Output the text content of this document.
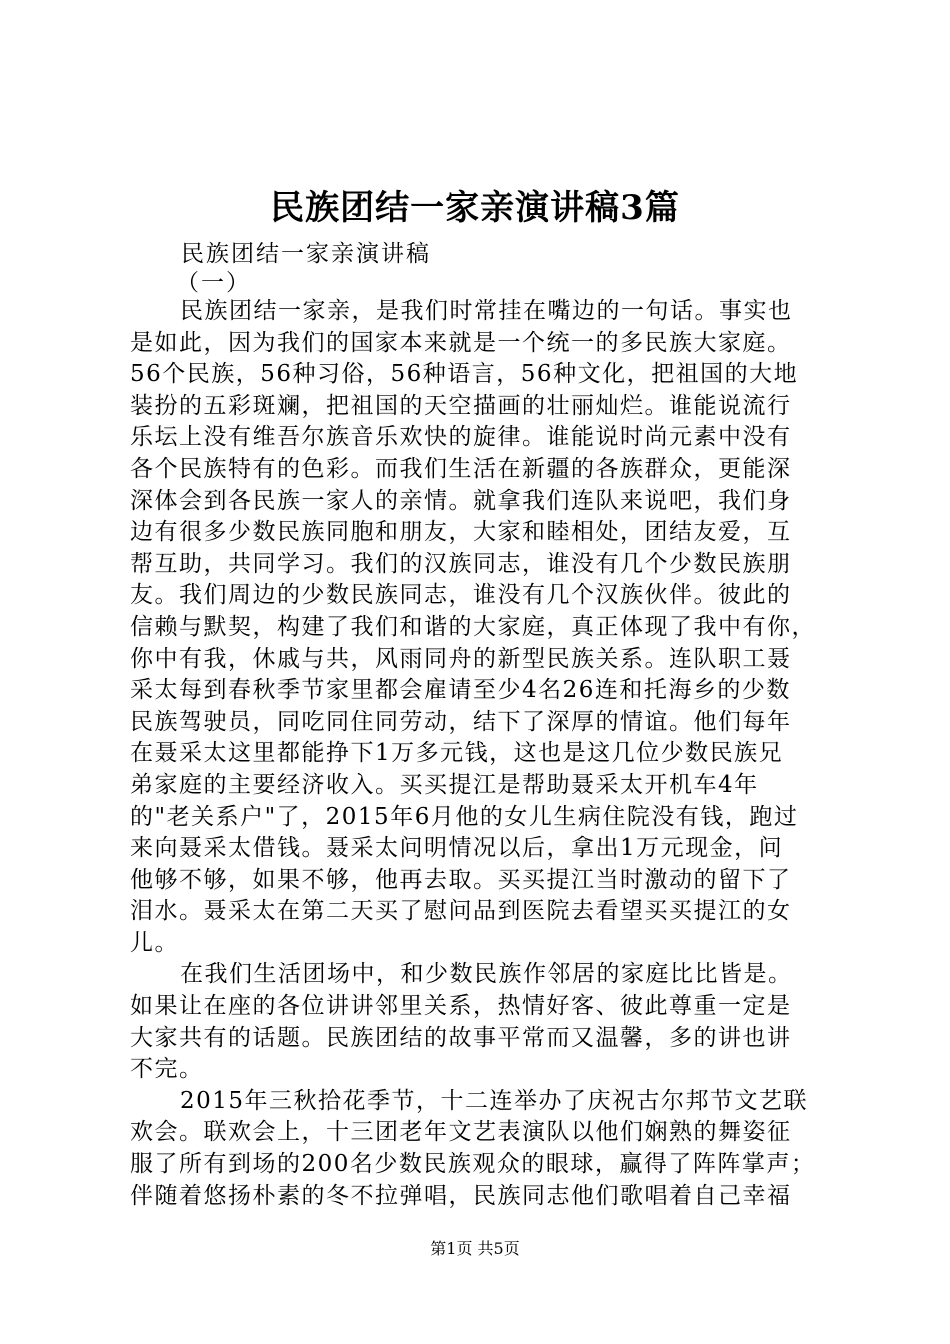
民族团结一家亲演讲稿3篇
民族团结一家亲演讲稿
（一）

民族团结一家亲，是我们时常挂在嘴边的一句话。事实也
是如此，因为我们的国家本来就是一个统一的多民族大家庭。
56个民族，56种习俗，56种语言，56种文化，把祖国的大地
装扮的五彩斑斓，把祖国的天空描画的壮丽灿烂。谁能说流行
乐坛上没有维吾尔族音乐欢快的旋律。谁能说时尚元素中没有
各个民族特有的色彩。而我们生活在新疆的各族群众，更能深
深体会到各民族一家人的亲情。就拿我们连队来说吧，我们身
边有很多少数民族同胞和朋友，大家和睦相处，团结友爱，互
帮互助，共同学习。我们的汉族同志，谁没有几个少数民族朋
友。我们周边的少数民族同志，谁没有几个汉族伙伴。彼此的
信赖与默契，构建了我们和谐的大家庭，真正体现了我中有你，
你中有我，休戚与共，风雨同舟的新型民族关系。连队职工聂
采太每到春秋季节家里都会雇请至少4名26连和托海乡的少数
民族驾驶员，同吃同住同劳动，结下了深厚的情谊。他们每年
在聂采太这里都能挣下1万多元钱，这也是这几位少数民族兄
弟家庭的主要经济收入。买买提江是帮助聂采太开机车4年
的"老关系户"了，2015年6月他的女儿生病住院没有钱，跑过
来向聂采太借钱。聂采太问明情况以后，拿出1万元现金，问
他够不够，如果不够，他再去取。买买提江当时激动的留下了
泪水。聂采太在第二天买了慰问品到医院去看望买买提江的女
儿。

在我们生活团场中，和少数民族作邻居的家庭比比皆是。
如果让在座的各位讲讲邻里关系，热情好客、彼此尊重一定是
大家共有的话题。民族团结的故事平常而又温馨，多的讲也讲
不完。

2015年三秋拾花季节，十二连举办了庆祝古尔邦节文艺联
欢会。联欢会上，十三团老年文艺表演队以他们娴熟的舞姿征
服了所有到场的200名少数民族观众的眼球，赢得了阵阵掌声；
伴随着悠扬朴素的冬不拉弹唱，民族同志他们歌唱着自己幸福

第1页 共5页
